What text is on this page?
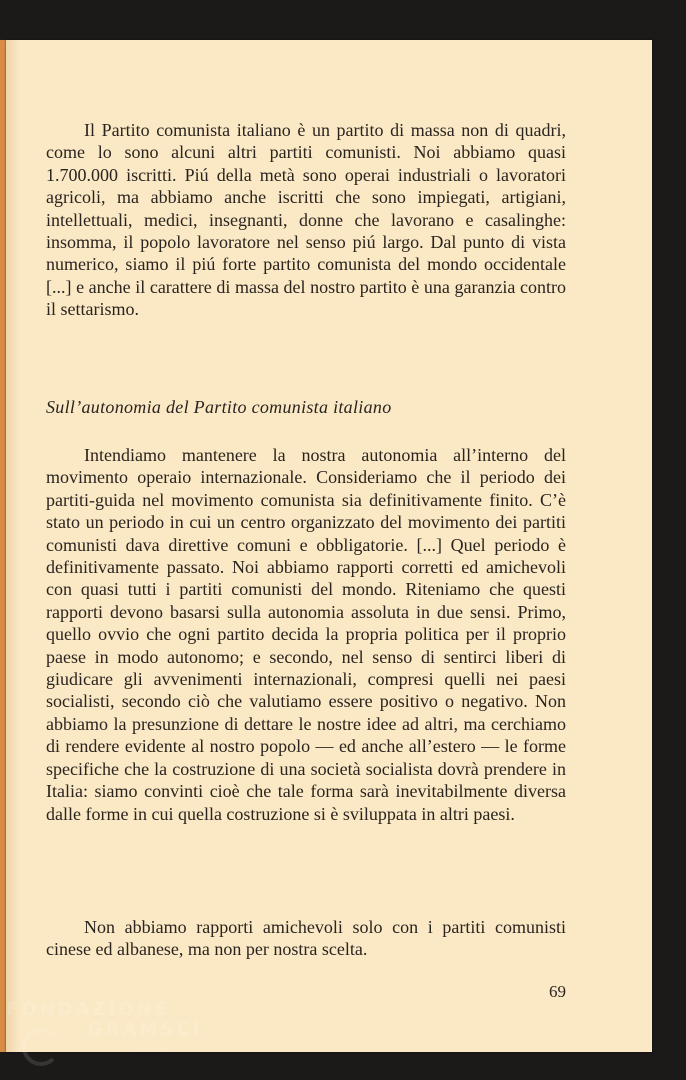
Il Partito comunista italiano è un partito di massa non di quadri, come lo sono alcuni altri partiti comunisti. Noi abbiamo quasi 1.700.000 iscritti. Piú della metà sono operai industriali o lavoratori agricoli, ma abbiamo anche iscritti che sono impiegati, artigiani, intellettuali, medici, insegnanti, donne che lavorano e casalinghe: insomma, il popolo lavoratore nel senso piú largo. Dal punto di vista numerico, siamo il piú forte partito comunista del mondo occidentale [...] e anche il carattere di massa del nostro partito è una garanzia contro il settarismo.

Sull’autonomia del Partito comunista italiano

Intendiamo mantenere la nostra autonomia all’interno del movimento operaio internazionale. Consideriamo che il periodo dei partiti-guida nel movimento comunista sia definitivamente finito. C’è stato un periodo in cui un centro organizzato del movimento dei partiti comunisti dava direttive comuni e obbligatorie. [...] Quel periodo è definitivamente passato. Noi abbiamo rapporti corretti ed amichevoli con quasi tutti i partiti comunisti del mondo. Riteniamo che questi rapporti devono basarsi sulla autonomia assoluta in due sensi. Primo, quello ovvio che ogni partito decida la propria politica per il proprio paese in modo autonomo; e secondo, nel senso di sentirci liberi di giudicare gli avvenimenti internazionali, compresi quelli nei paesi socialisti, secondo ciò che valutiamo essere positivo o negativo. Non abbiamo la presunzione di dettare le nostre idee ad altri, ma cerchiamo di rendere evidente al nostro popolo — ed anche all’estero — le forme specifiche che la costruzione di una società socialista dovrà prendere in Italia: siamo convinti cioè che tale forma sarà inevitabilmente diversa dalle forme in cui quella costruzione si è sviluppata in altri paesi.

Non abbiamo rapporti amichevoli solo con i partiti comunisti cinese ed albanese, ma non per nostra scelta.

69
FONDAZIONE
GRAMSCI
onlus
